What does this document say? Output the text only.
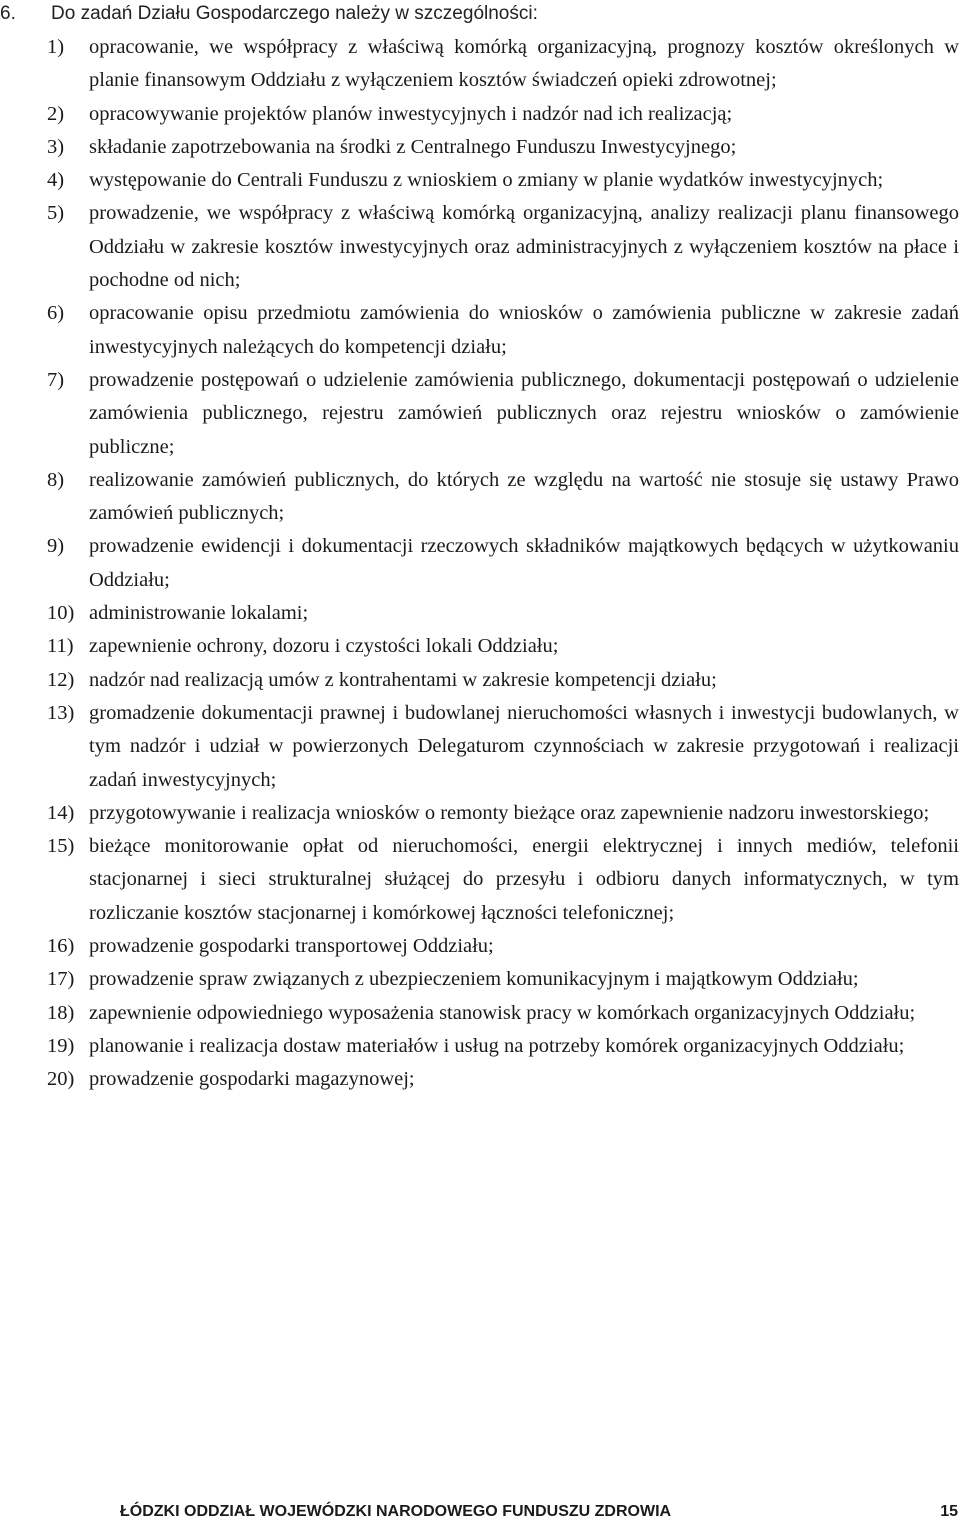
6. Do zadań Działu Gospodarczego należy w szczególności:
1)	opracowanie, we współpracy z właściwą komórką organizacyjną, prognozy kosztów określonych w planie finansowym Oddziału z wyłączeniem kosztów świadczeń opieki zdrowotnej;
2)	opracowywanie projektów planów inwestycyjnych i nadzór nad ich realizacją;
3)	składanie zapotrzebowania na środki z Centralnego Funduszu Inwestycyjnego;
4)	występowanie do Centrali Funduszu z wnioskiem o zmiany w planie wydatków inwestycyjnych;
5)	prowadzenie, we współpracy z właściwą komórką organizacyjną, analizy realizacji planu finansowego Oddziału w zakresie kosztów inwestycyjnych oraz administracyjnych z wyłączeniem kosztów na płace i pochodne od nich;
6)	opracowanie opisu przedmiotu zamówienia do wniosków o zamówienia publiczne w zakresie zadań inwestycyjnych należących do kompetencji działu;
7)	prowadzenie postępowań o udzielenie zamówienia publicznego, dokumentacji postępowań o udzielenie zamówienia publicznego, rejestru zamówień publicznych oraz rejestru wniosków o zamówienie publiczne;
8)	realizowanie zamówień publicznych, do których ze względu na wartość nie stosuje się ustawy Prawo zamówień publicznych;
9)	prowadzenie ewidencji i dokumentacji rzeczowych składników majątkowych będących w użytkowaniu Oddziału;
10) administrowanie lokalami;
11) zapewnienie ochrony, dozoru i czystości lokali Oddziału;
12) nadzór nad realizacją umów z kontrahentami w zakresie kompetencji działu;
13) gromadzenie dokumentacji prawnej i budowlanej nieruchomości własnych i inwestycji budowlanych, w tym nadzór i udział w powierzonych Delegaturom czynnościach w zakresie przygotowań i realizacji zadań inwestycyjnych;
14) przygotowywanie i realizacja wniosków o remonty bieżące oraz zapewnienie nadzoru inwestorskiego;
15) bieżące monitorowanie opłat od nieruchomości, energii elektrycznej i innych mediów, telefonii stacjonarnej i sieci strukturalnej służącej do przesyłu i odbioru danych informatycznych, w tym rozliczanie kosztów stacjonarnej i komórkowej łączności telefonicznej;
16) prowadzenie gospodarki transportowej Oddziału;
17) prowadzenie spraw związanych z ubezpieczeniem komunikacyjnym i majątkowym Oddziału;
18) zapewnienie odpowiedniego wyposażenia stanowisk pracy w komórkach organizacyjnych Oddziału;
19) planowanie i realizacja dostaw materiałów i usług na potrzeby komórek organizacyjnych Oddziału;
20) prowadzenie gospodarki magazynowej;
ŁÓDZKI ODDZIAŁ WOJEWÓDZKI NARODOWEGO FUNDUSZU ZDROWIA	15
